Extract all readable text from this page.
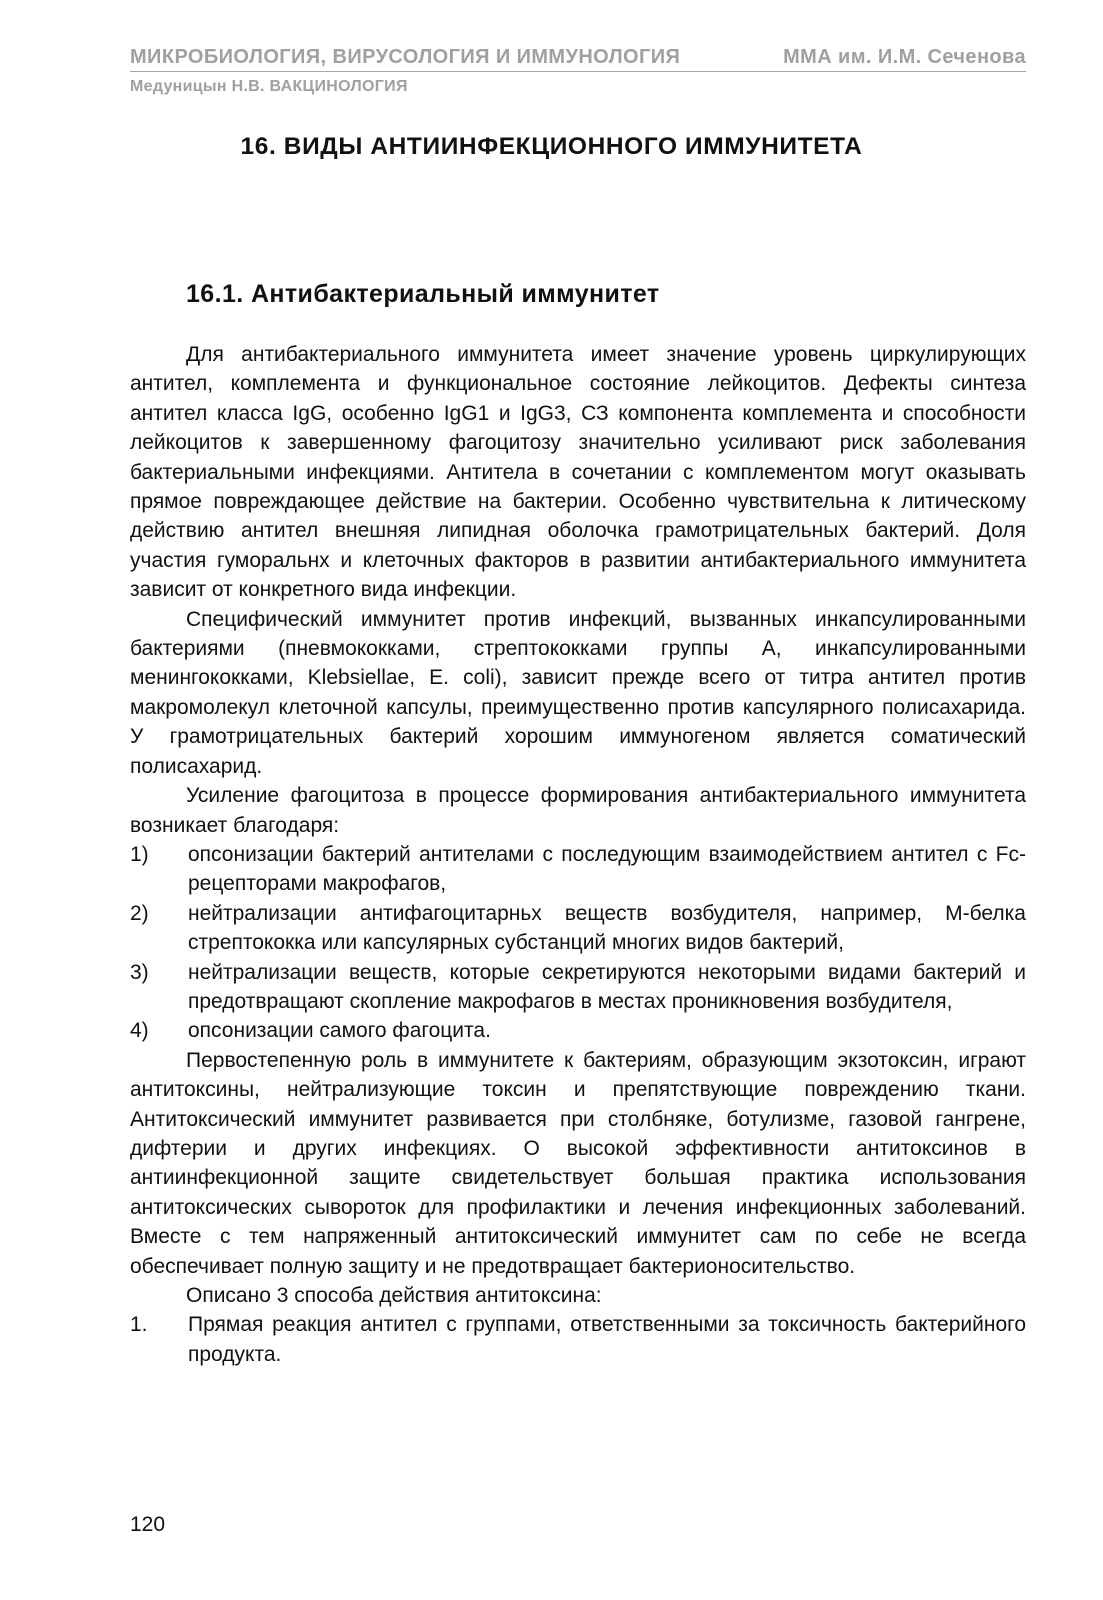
МИКРОБИОЛОГИЯ, ВИРУСОЛОГИЯ И ИММУНОЛОГИЯ	ММА им. И.М. Сеченова
Медуницын Н.В. ВАКЦИНОЛОГИЯ
16. ВИДЫ АНТИИНФЕКЦИОННОГО ИММУНИТЕТА
16.1. Антибактериальный иммунитет

Для антибактериального иммунитета имеет значение уровень циркулирующих антител, комплемента и функциональное состояние лейкоцитов. Дефекты синтеза антител класса IgG, особенно IgG1 и IgG3, СЗ компонента комплемента и способности лейкоцитов к завершенному фагоцитозу значительно усиливают риск заболевания бактериальными инфекциями. Антитела в сочетании с комплементом могут оказывать прямое повреждающее действие на бактерии. Особенно чувствительна к литическому действию антител внешняя липидная оболочка грамотрицательных бактерий. Доля участия гуморальнх и клеточных факторов в развитии антибактериального иммунитета зависит от конкретного вида инфекции.

Специфический иммунитет против инфекций, вызванных инкапсулированными бактериями (пневмококками, стрептококками группы А, инкапсулированными менингококками, Klebsiellae, E. coli), зависит прежде всего от титра антител против макромолекул клеточной капсулы, преимущественно против капсулярного полисахарида. У грамотрицательных бактерий хорошим иммуногеном является соматический полисахарид.

Усиление фагоцитоза в процессе формирования антибактериального иммунитета возникает благодаря:

1)	опсонизации бактерий антителами с последующим взаимодействием антител с Fc-рецепторами макрофагов,
2)	нейтрализации антифагоцитарньх веществ возбудителя, например, М-белка стрептококка или капсулярных субстанций многих видов бактерий,
3)	нейтрализации веществ, которые секретируются некоторыми видами бактерий и предотвращают скопление макрофагов в местах проникновения возбудителя,
4)	опсонизации самого фагоцита.

Первостепенную роль в иммунитете к бактериям, образующим экзотоксин, играют антитоксины, нейтрализующие токсин и препятствующие повреждению ткани. Антитоксический иммунитет развивается при столбняке, ботулизме, газовой гангрене, дифтерии и других инфекциях. О высокой эффективности антитоксинов в антиинфекционной защите свидетельствует большая практика использования антитоксических сывороток для профилактики и лечения инфекционных заболеваний. Вместе с тем напряженный антитоксический иммунитет сам по себе не всегда обеспечивает полную защиту и не предотвращает бактерионосительство.

Описано 3 способа действия антитоксина:

1.	Прямая реакция антител с группами, ответственными за токсичность бактерийного продукта.
120
